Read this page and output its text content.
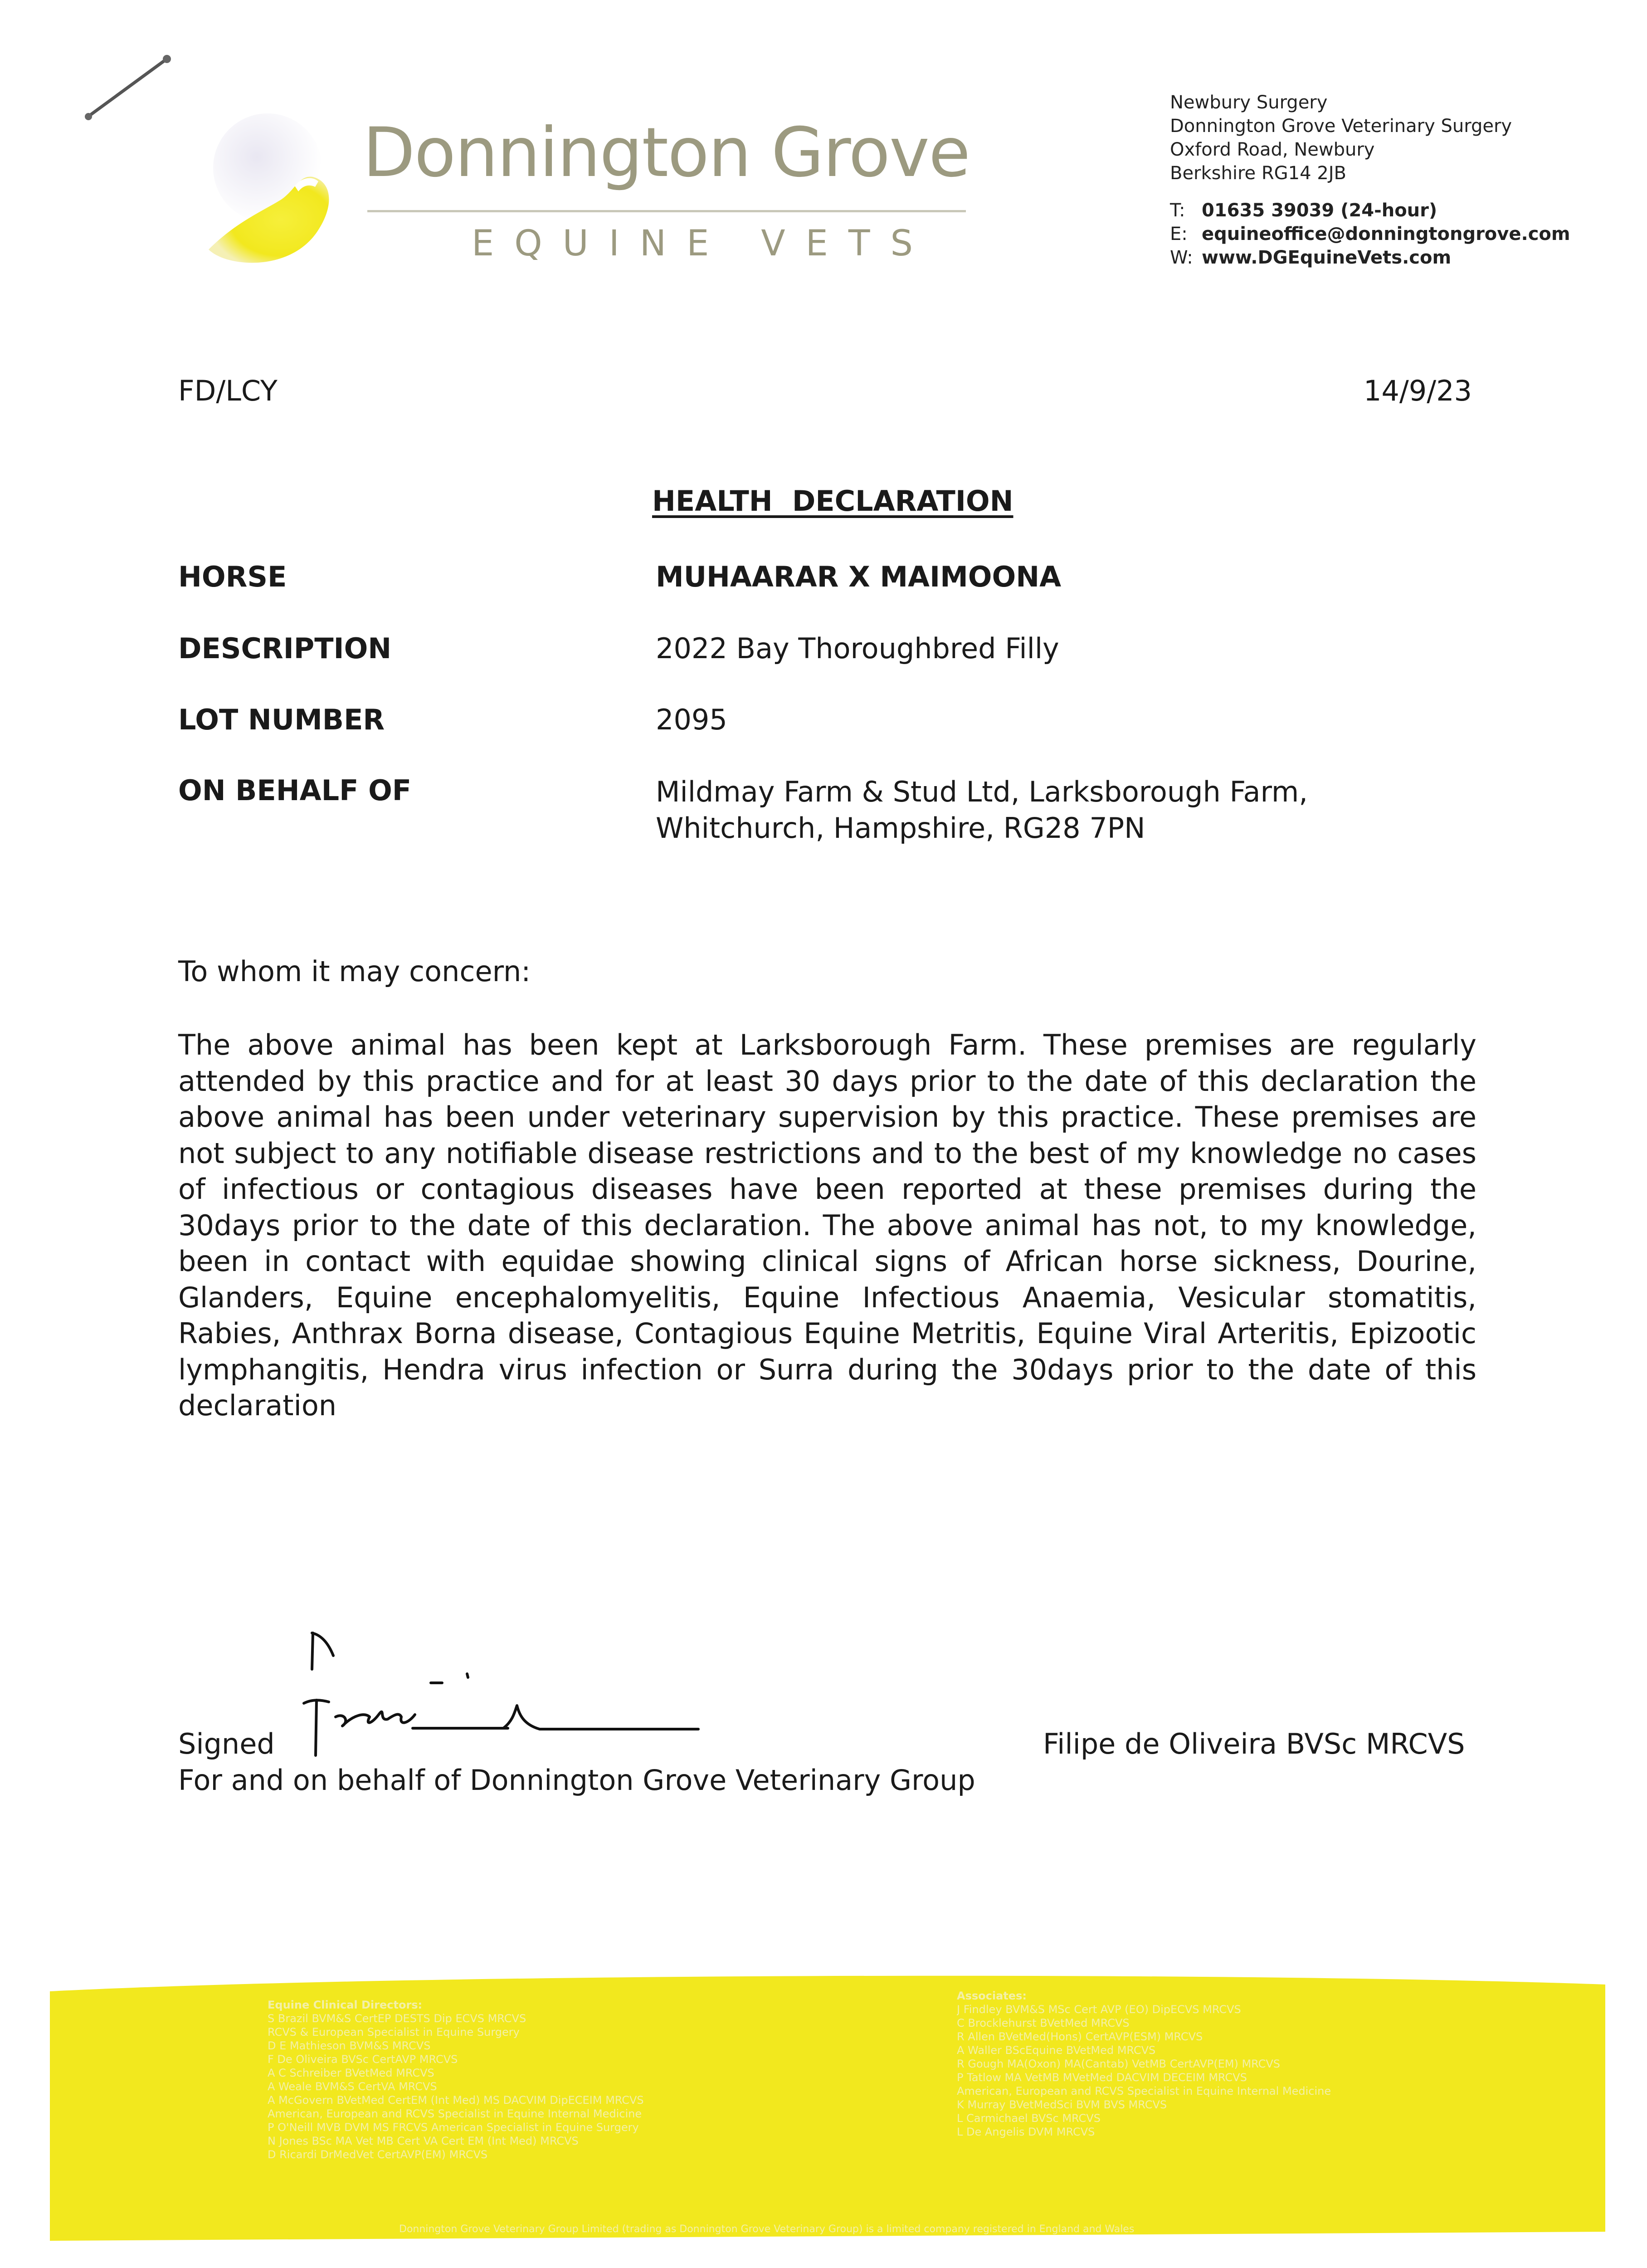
Donnington Grove
EQUINE VETS
Newbury Surgery
Donnington Grove Veterinary Surgery
Oxford Road, Newbury
Berkshire RG14 2JB
T: 01635 39039 (24-hour)
E: equineoffice@donningtongrove.com
W: www.DGEquineVets.com
FD/LCY	14/9/23
HEALTH  DECLARATION
HORSE	MUHAARAR X MAIMOONA
DESCRIPTION	2022 Bay Thoroughbred Filly
LOT NUMBER	2095
ON BEHALF OF	Mildmay Farm & Stud Ltd, Larksborough Farm,
Whitchurch, Hampshire, RG28 7PN
To whom it may concern:
The above animal has been kept at Larksborough Farm. These premises are regularly attended by this practice and for at least 30 days prior to the date of this declaration the above animal has been under veterinary supervision by this practice. These premises are not subject to any notifiable disease restrictions and to the best of my knowledge no cases of infectious or contagious diseases have been reported at these premises during the 30days prior to the date of this declaration. The above animal has not, to my knowledge, been in contact with equidae showing clinical signs of African horse sickness, Dourine, Glanders, Equine encephalomyelitis, Equine Infectious Anaemia, Vesicular stomatitis, Rabies, Anthrax Borna disease, Contagious Equine Metritis, Equine Viral Arteritis, Epizootic lymphangitis, Hendra virus infection or Surra during the 30days prior to the date of this declaration
Signed
For and on behalf of Donnington Grove Veterinary Group
Filipe de Oliveira BVSc MRCVS
Equine Clinical Directors:
S Brazil BVM&S CertEP DESTS Dip ECVS MRCVS
RCVS & European Specialist in Equine Surgery
D E Mathieson BVM&S MRCVS
F De Oliveira BVSc CertAVP MRCVS
A C Schreiber BVetMed MRCVS
A Weale BVM&S CertVA MRCVS
A McGovern BVetMed CertEM (Int Med) MS DACVIM DipECEIM MRCVS
American, European and RCVS Specialist in Equine Internal Medicine
P O'Neill MVB DVM MS FRCVS American Specialist in Equine Surgery
N Jones BSc MA Vet MB Cert VA Cert EM (Int Med) MRCVS
D Ricardi DrMedVet CertAVP(EM) MRCVS
Associates:
J Findley BVM&S MSc Cert AVP (EO) DipECVS MRCVS
C Brocklehurst BVetMed MRCVS
R Allen BVetMed(Hons) CertAVP(ESM) MRCVS
A Waller BScEquine BVetMed MRCVS
R Gough MA(Oxon) MA(Cantab) VetMB CertAVP(EM) MRCVS
P Tatlow MA VetMB MVetMed DACVIM DECEIM MRCVS
American, European and RCVS Specialist in Equine Internal Medicine
K Murray BVetMedSci BVM BVS MRCVS
L Carmichael BVSc MRCVS
L De Angelis DVM MRCVS
Donnington Grove Veterinary Group Limited (trading as Donnington Grove Veterinary Group) is a limited company registered in England and Wales
